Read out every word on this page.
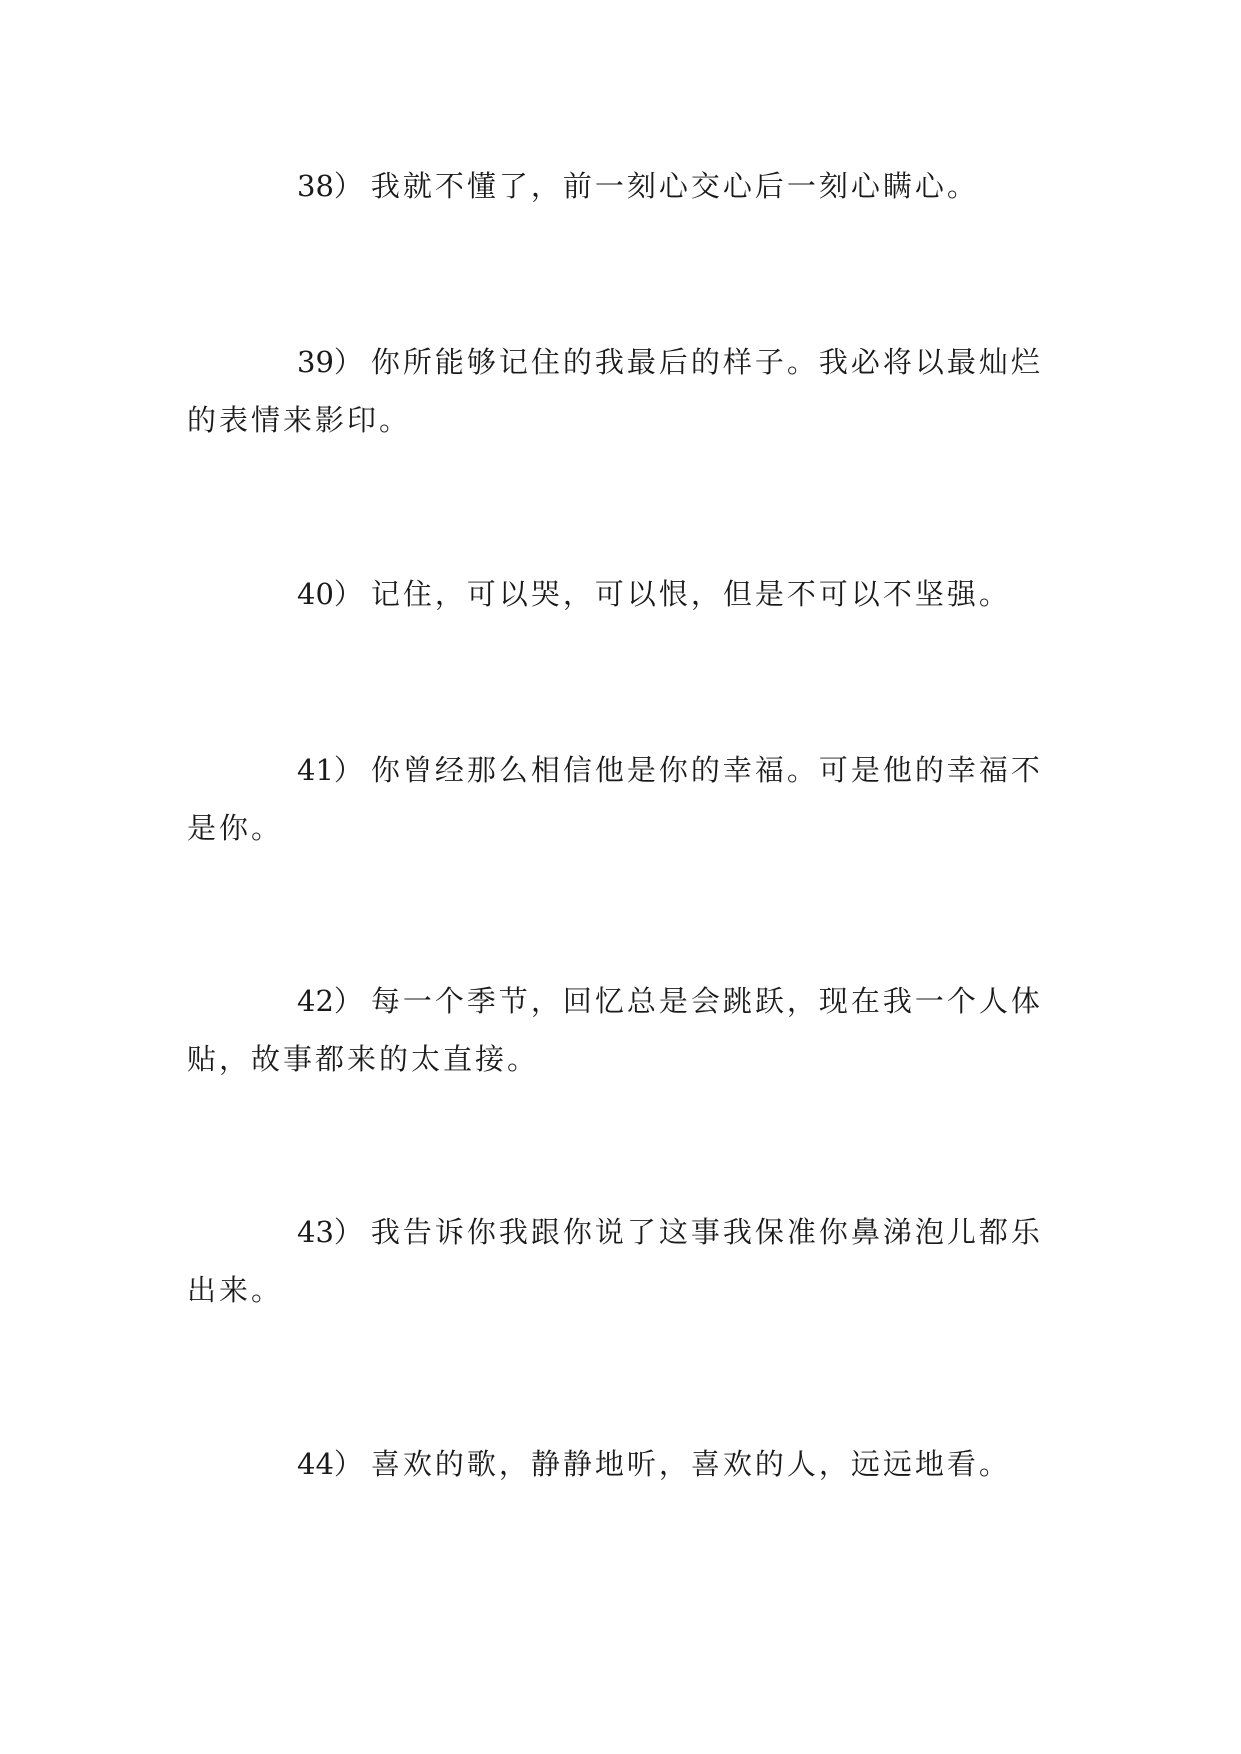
38） 我就不懂了，前一刻心交心后一刻心瞒心。

39） 你所能够记住的我最后的样子。我必将以最灿烂的表情来影印。

40） 记住，可以哭，可以恨，但是不可以不坚强。

41） 你曾经那么相信他是你的幸福。可是他的幸福不是你。

42） 每一个季节，回忆总是会跳跃，现在我一个人体贴，故事都来的太直接。

43） 我告诉你我跟你说了这事我保准你鼻涕泡儿都乐出来。

44） 喜欢的歌，静静地听，喜欢的人，远远地看。
